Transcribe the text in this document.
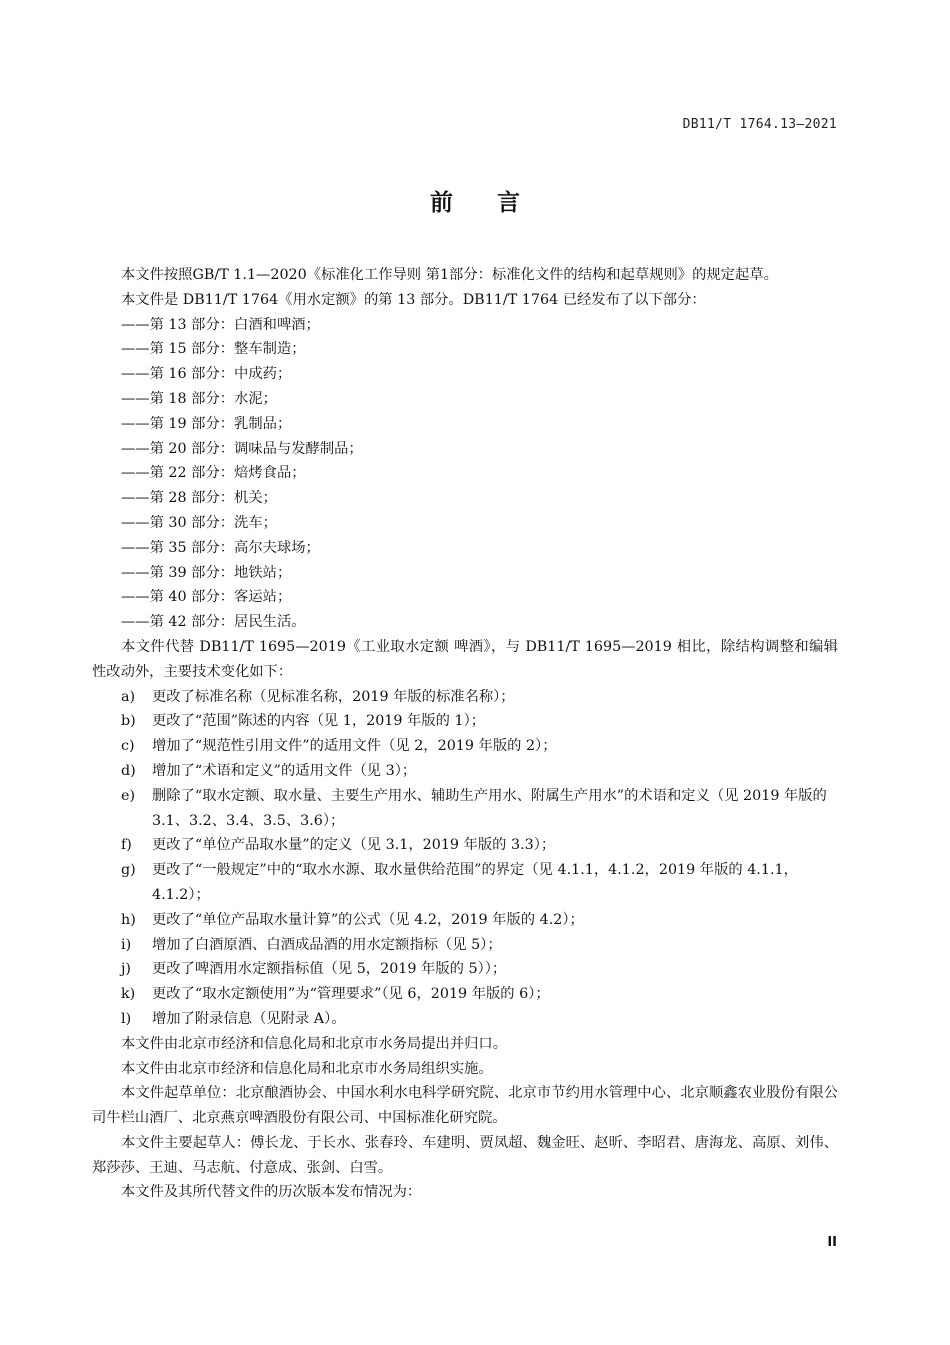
DB11/T 1764.13—2021
前言

本文件按照GB/T 1.1—2020《标准化工作导则 第1部分：标准化文件的结构和起草规则》的规定起草。

本文件是 DB11/T 1764《用水定额》的第 13 部分。DB11/T 1764 已经发布了以下部分：

——第 13 部分：白酒和啤酒；

——第 15 部分：整车制造；

——第 16 部分：中成药；

——第 18 部分：水泥；

——第 19 部分：乳制品；

——第 20 部分：调味品与发酵制品；

——第 22 部分：焙烤食品；

——第 28 部分：机关；

——第 30 部分：洗车；

——第 35 部分：高尔夫球场；

——第 39 部分：地铁站；

——第 40 部分：客运站；

——第 42 部分：居民生活。

本文件代替 DB11/T 1695—2019《工业取水定额 啤酒》，与 DB11/T 1695—2019 相比，除结构调整和编辑性改动外，主要技术变化如下：

a) 更改了标准名称（见标准名称，2019 年版的标准名称）；

b) 更改了“范围”陈述的内容（见 1，2019 年版的 1）；

c) 增加了“规范性引用文件”的适用文件（见 2，2019 年版的 2）；

d) 增加了“术语和定义”的适用文件（见 3）；

e) 删除了“取水定额、取水量、主要生产用水、辅助生产用水、附属生产用水”的术语和定义（见 2019 年版的 3.1、3.2、3.4、3.5、3.6）；

f) 更改了“单位产品取水量”的定义（见 3.1，2019 年版的 3.3）；

g) 更改了“一般规定”中的“取水水源、取水量供给范围”的界定（见 4.1.1，4.1.2，2019 年版的 4.1.1，4.1.2）；

h) 更改了“单位产品取水量计算”的公式（见 4.2，2019 年版的 4.2）；

i) 增加了白酒原酒、白酒成品酒的用水定额指标（见 5）；

j) 更改了啤酒用水定额指标值（见 5，2019 年版的 5））；

k) 更改了“取水定额使用”为“管理要求”（见 6，2019 年版的 6）；

l) 增加了附录信息（见附录 A）。

本文件由北京市经济和信息化局和北京市水务局提出并归口。

本文件由北京市经济和信息化局和北京市水务局组织实施。

本文件起草单位：北京酿酒协会、中国水利水电科学研究院、北京市节约用水管理中心、北京顺鑫农业股份有限公司牛栏山酒厂、北京燕京啤酒股份有限公司、中国标准化研究院。

本文件主要起草人：傅长龙、于长水、张春玲、车建明、贾凤超、魏金旺、赵昕、李昭君、唐海龙、高原、刘伟、郑莎莎、王迪、马志航、付意成、张剑、白雪。

本文件及其所代替文件的历次版本发布情况为：

II
